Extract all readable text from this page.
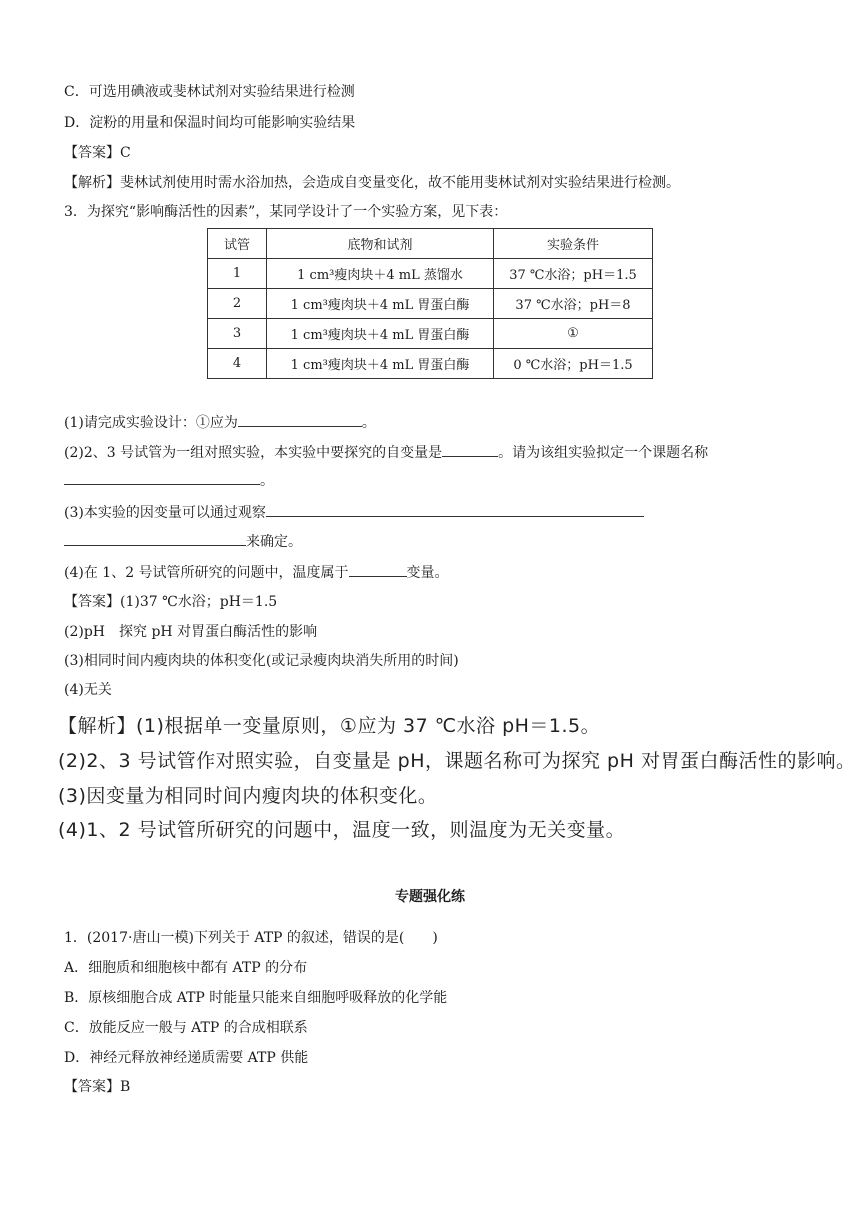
C．可选用碘液或斐林试剂对实验结果进行检测
D．淀粉的用量和保温时间均可能影响实验结果
【答案】C
【解析】斐林试剂使用时需水浴加热，会造成自变量变化，故不能用斐林试剂对实验结果进行检测。
3．为探究“影响酶活性的因素”，某同学设计了一个实验方案，见下表：
试管	底物和试剂	实验条件
1	1 cm³瘦肉块＋4 mL 蒸馏水	37 ℃水浴；pH＝1.5
2	1 cm³瘦肉块＋4 mL 胃蛋白酶	37 ℃水浴；pH＝8
3	1 cm³瘦肉块＋4 mL 胃蛋白酶	①
4	1 cm³瘦肉块＋4 mL 胃蛋白酶	0 ℃水浴；pH＝1.5
(1)请完成实验设计：①应为	。
(2)2、3 号试管为一组对照实验，本实验中要探究的自变量是	。请为该组实验拟定一个课题名称
。
(3)本实验的因变量可以通过观察
来确定。
(4)在 1、2 号试管所研究的问题中，温度属于	变量。
【答案】(1)37 ℃水浴；pH＝1.5
(2)pH　探究 pH 对胃蛋白酶活性的影响
(3)相同时间内瘦肉块的体积变化(或记录瘦肉块消失所用的时间)
(4)无关
【解析】(1)根据单一变量原则，①应为 37 ℃水浴 pH＝1.5。
(2)2、3 号试管作对照实验，自变量是 pH，课题名称可为探究 pH 对胃蛋白酶活性的影响。
(3)因变量为相同时间内瘦肉块的体积变化。
(4)1、2 号试管所研究的问题中，温度一致，则温度为无关变量。
专题强化练
1．(2017·唐山一模)下列关于 ATP 的叙述，错误的是(　　)
A．细胞质和细胞核中都有 ATP 的分布
B．原核细胞合成 ATP 时能量只能来自细胞呼吸释放的化学能
C．放能反应一般与 ATP 的合成相联系
D．神经元释放神经递质需要 ATP 供能
【答案】B
